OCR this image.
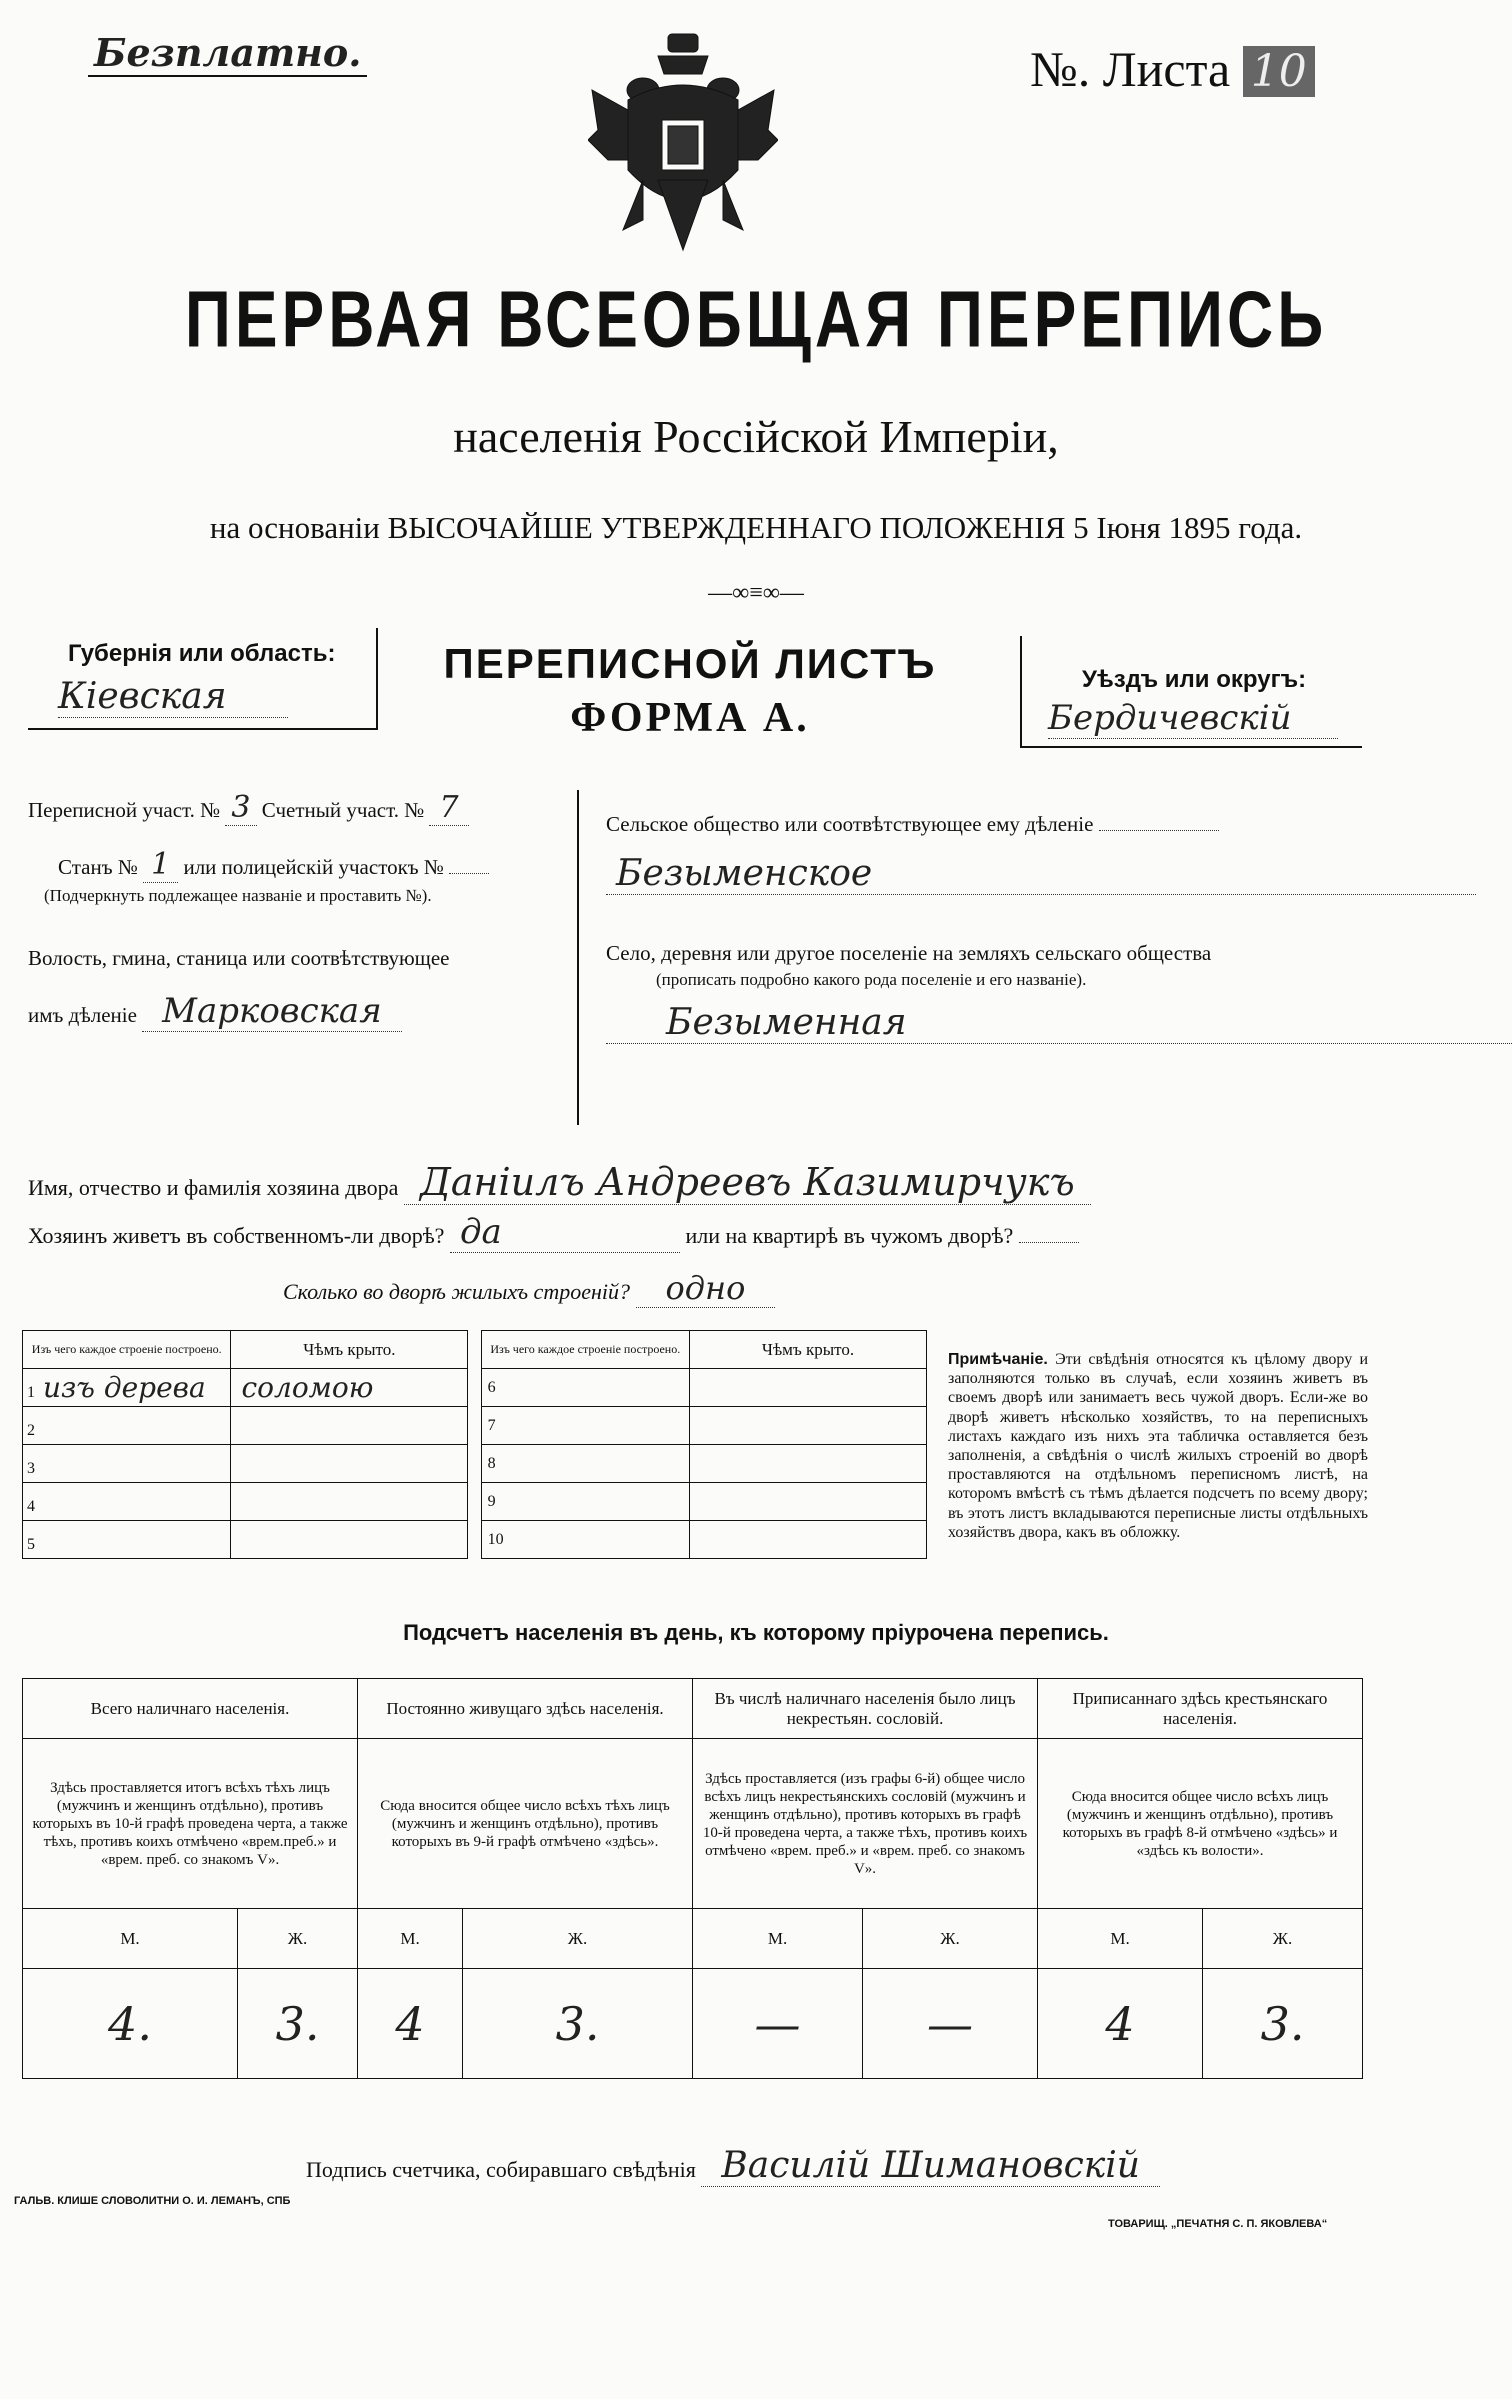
Безплатно.	№. Листа 10
ПЕРВАЯ ВСЕОБЩАЯ ПЕРЕПИСЬ
населенія Россійской Имперіи,
на основаніи ВЫСОЧАЙШЕ УТВЕРЖДЕННАГО ПОЛОЖЕНІЯ 5 Іюня 1895 года.
—∞≡∞—
Губернія или область:
Кіевская
ПЕРЕПИСНОЙ ЛИСТЪ
ФОРМА А.
Уѣздъ или округъ:
Бердичевскій
Переписной участ. № 3 Счетный участ. № 7
Станъ № 1 или полицейскій участокъ №
(Подчеркнуть подлежащее названіе и проставить №).
Волость, гмина, станица или соотвѣтствующее
имъ дѣленіе Марковская
Сельское общество или соотвѣтствующее ему дѣленіе
Безыменское
Село, деревня или другое поселеніе на земляхъ сельскаго общества
(прописать подробно какого рода поселеніе и его названіе).
Безыменная
Имя, отчество и фамилія хозяина двора Даніилъ Андреевъ Казимирчукъ
Хозяинъ живетъ въ собственномъ-ли дворѣ? да	или на квартирѣ въ чужомъ дворѣ?
Сколько во дворѣ жилыхъ строеній? одно
Изъ чего каждое строеніе построено.	Чѣмъ крыто.		Изъ чего каждое строеніе построено.	Чѣмъ крыто.
1 изъ дерева	соломою		6	
2			7	
3			8	
4			9	
5			10	
Примѣчаніе. Эти свѣдѣнія относятся къ цѣлому двору и заполняются только въ случаѣ, если хозяинъ живетъ въ своемъ дворѣ или занимаетъ весь чужой дворъ. Если-же во дворѣ живетъ нѣсколько хозяйствъ, то на переписныхъ листахъ каждаго изъ нихъ эта табличка оставляется безъ заполненія, а свѣдѣнія о числѣ жилыхъ строеній во дворѣ проставляются на отдѣльномъ переписномъ листѣ, на которомъ вмѣстѣ съ тѣмъ дѣлается подсчетъ по всему двору; въ этотъ листъ вкладываются переписные листы отдѣльныхъ хозяйствъ двора, какъ въ обложку.
Подсчетъ населенія въ день, къ которому пріурочена перепись.
Всего наличнаго населенія.		Постоянно живущаго здѣсь населенія.		Въ числѣ наличнаго населенія было лицъ некрестьян. сословій.		Приписаннаго здѣсь крестьянскаго населенія.	
Здѣсь проставляется итогъ всѣхъ тѣхъ лицъ (мужчинъ и женщинъ отдѣльно), противъ которыхъ въ 10-й графѣ проведена черта, а также тѣхъ, противъ коихъ отмѣчено «врем.преб.» и «врем. преб. со знакомъ V».		Сюда вносится общее число всѣхъ тѣхъ лицъ (мужчинъ и женщинъ отдѣльно), противъ которыхъ въ 9-й графѣ отмѣчено «здѣсь».		Здѣсь проставляется (изъ графы 6-й) общее число всѣхъ лицъ некрестьянскихъ сословій (мужчинъ и женщинъ отдѣльно), противъ которыхъ въ графѣ 10-й проведена черта, а также тѣхъ, противъ коихъ отмѣчено «врем. преб.» и «врем. преб. со знакомъ V».		Сюда вносится общее число всѣхъ лицъ (мужчинъ и женщинъ отдѣльно), противъ которыхъ въ графѣ 8-й отмѣчено «здѣсь» и «здѣсь къ волости».	
М.	Ж.	М.	Ж.	М.	Ж.	М.	Ж.
4.	3.	4	3.	—	—	4	3.
Подпись счетчика, собиравшаго свѣдѣнія Василій Шимановскій
ГАЛЬВ. КЛИШЕ СЛОВОЛИТНИ О. И. ЛЕМАНЪ, СПБ
ТОВАРИЩ. „ПЕЧАТНЯ С. П. ЯКОВЛЕВА“
